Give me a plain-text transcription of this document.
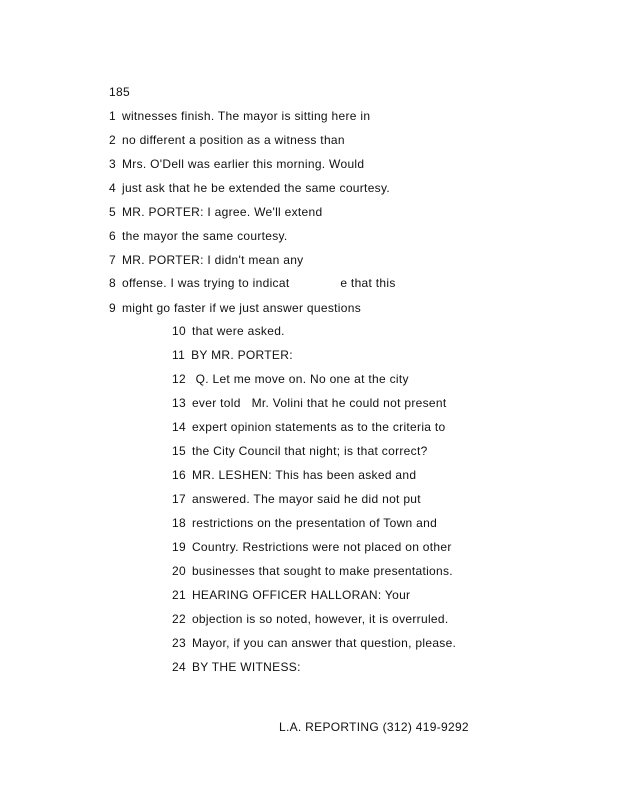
185
1 witnesses finish. The mayor is sitting here in
2 no different a position as a witness than
3 Mrs. O'Dell was earlier this morning. Would
4 just ask that he be extended the same courtesy.
5 MR. PORTER: I agree. We'll extend
6 the mayor the same courtesy.
7 MR. PORTER: I didn't mean any
8 offense. I was trying to indicat              e that this
9 might go faster if we just answer questions
10 that were asked.
11 BY MR. PORTER:
12 Q. Let me move on. No one at the city
13 ever told   Mr. Volini that he could not present
14 expert opinion statements as to the criteria to
15 the City Council that night; is that correct?
16 MR. LESHEN: This has been asked and
17 answered. The mayor said he did not put
18 restrictions on the presentation of Town and
19 Country. Restrictions were not placed on other
20 businesses that sought to make presentations.
21 HEARING OFFICER HALLORAN: Your
22 objection is so noted, however, it is overruled.
23 Mayor, if you can answer that question, please.
24 BY THE WITNESS:
L.A. REPORTING (312) 419-9292
